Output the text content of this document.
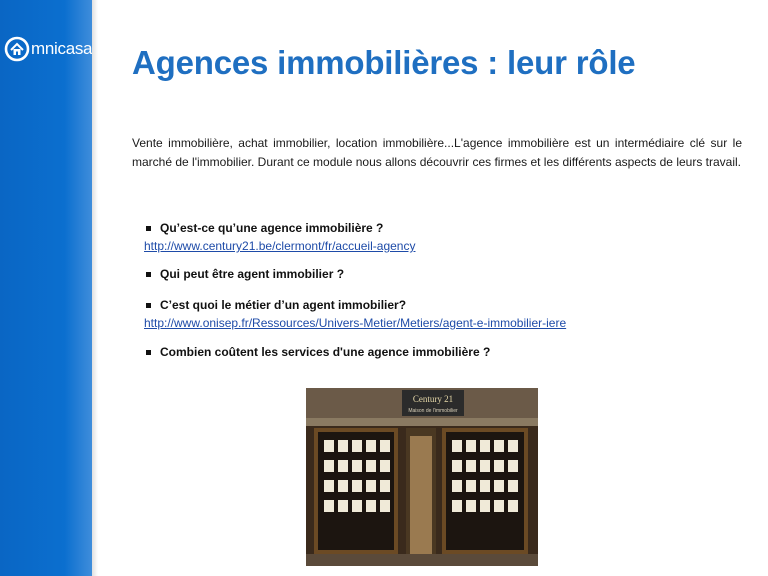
mnicasa Agences immobilières : leur rôle

Vente immobilière, achat immobilier, location immobilière...L'agence immobilière est un intermédiaire clé sur le marché de l'immobilier. Durant ce module nous allons découvrir ces firmes et les différents aspects de leurs travail.

Qu’est-ce qu’une agence immobilière ?
http://www.century21.be/clermont/fr/accueil-agency
Qui peut être agent immobilier ?
C’est quoi le métier d’un agent immobilier?
http://www.onisep.fr/Ressources/Univers-Metier/Metiers/agent-e-immobilier-iere
Combien coûtent les services d'une agence immobilière ?
Century 21
Maison de l'immobilier
